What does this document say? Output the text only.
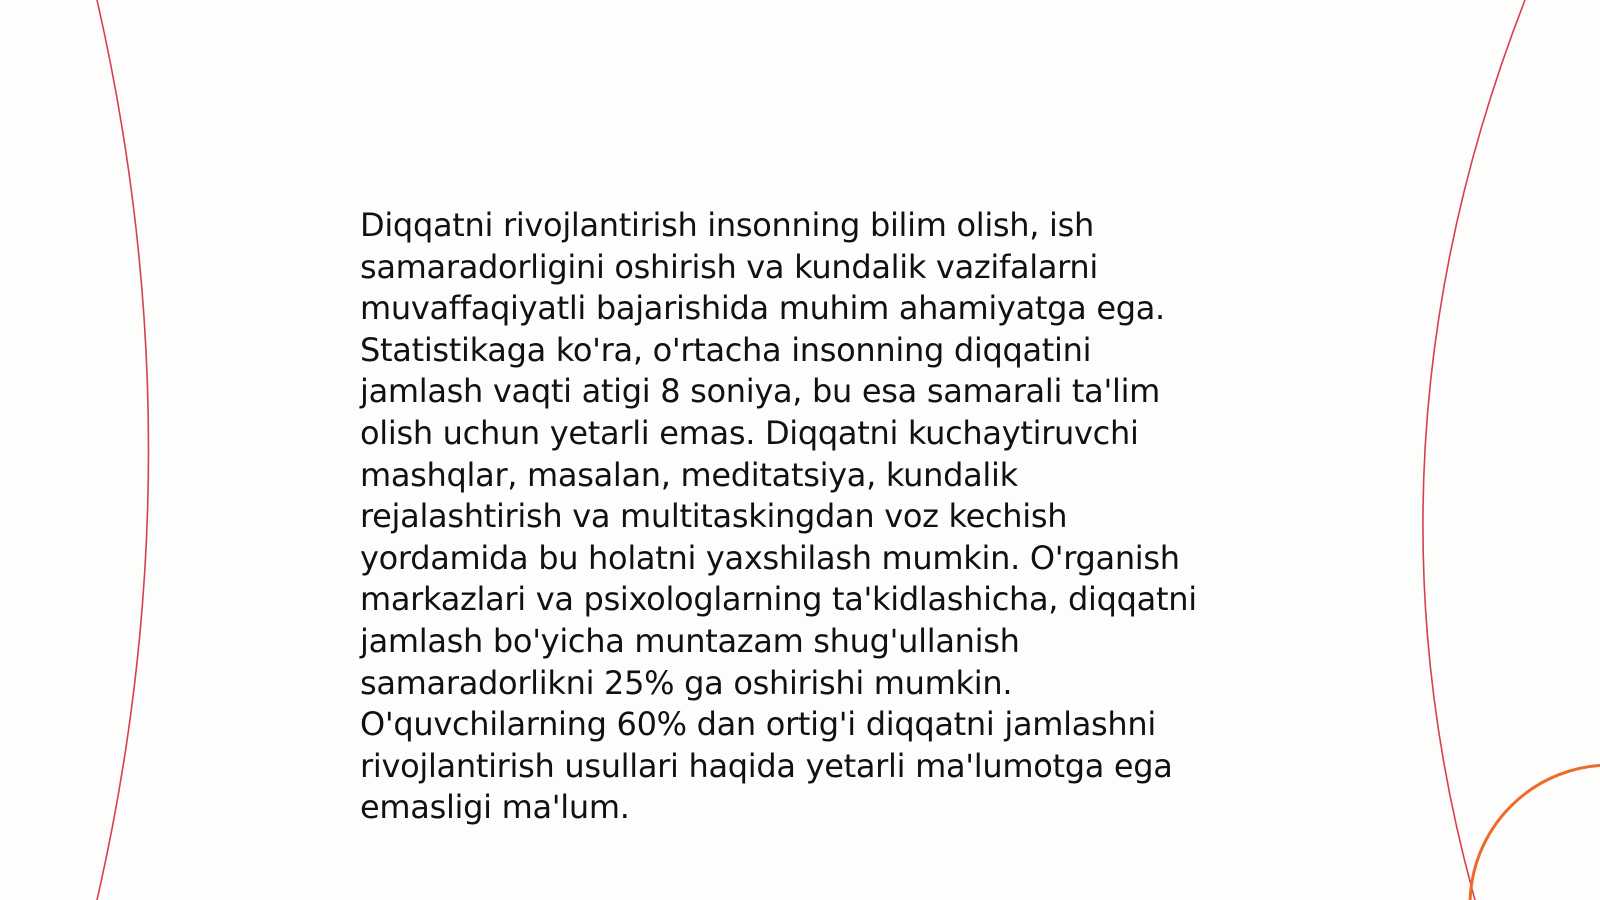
Diqqatni rivojlantirish insonning bilim olish, ish
samaradorligini oshirish va kundalik vazifalarni
muvaffaqiyatli bajarishida muhim ahamiyatga ega.
Statistikaga ko'ra, o'rtacha insonning diqqatini
jamlash vaqti atigi 8 soniya, bu esa samarali ta'lim
olish uchun yetarli emas. Diqqatni kuchaytiruvchi
mashqlar, masalan, meditatsiya, kundalik
rejalashtirish va multitaskingdan voz kechish
yordamida bu holatni yaxshilash mumkin. O'rganish
markazlari va psixologlarning ta'kidlashicha, diqqatni
jamlash bo'yicha muntazam shug'ullanish
samaradorlikni 25% ga oshirishi mumkin.
O'quvchilarning 60% dan ortig'i diqqatni jamlashni
rivojlantirish usullari haqida yetarli ma'lumotga ega
emasligi ma'lum.
